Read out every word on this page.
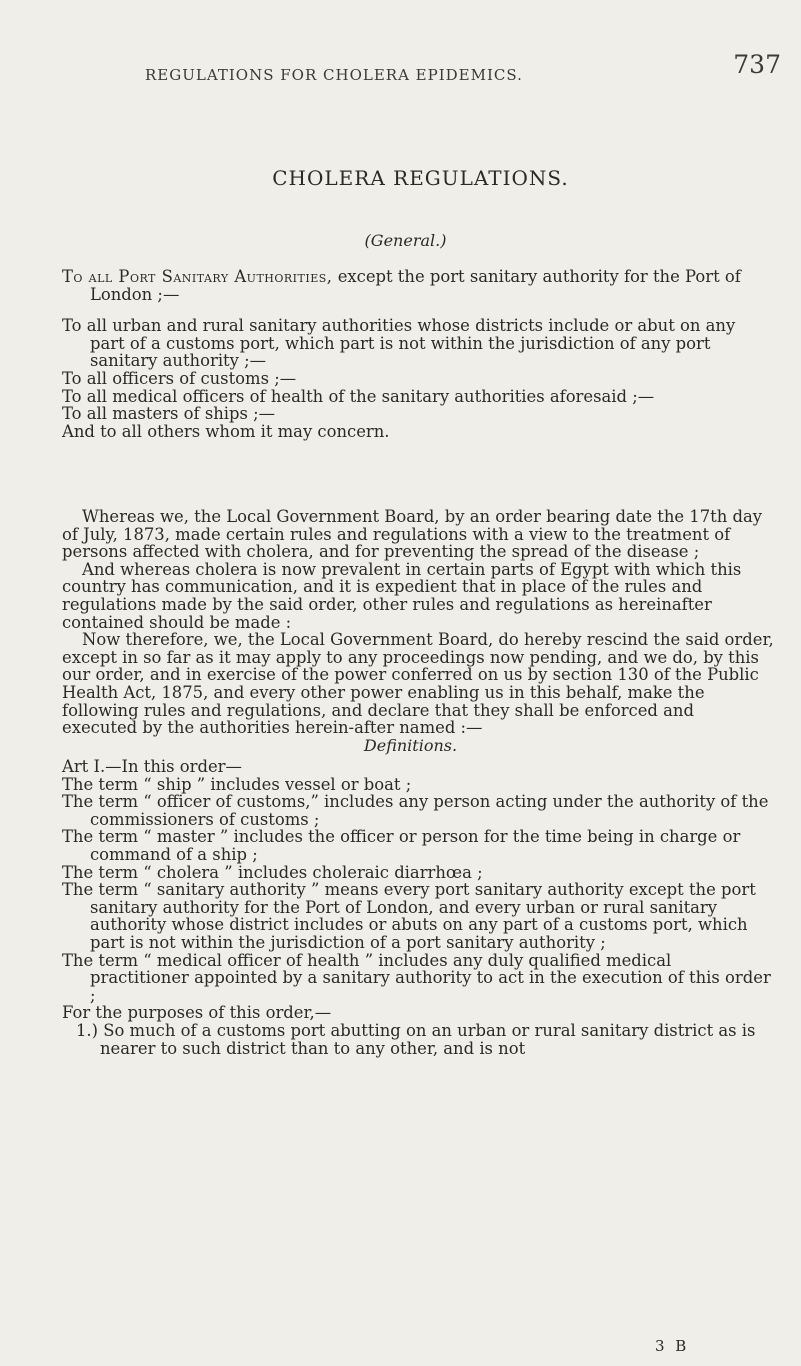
REGULATIONS FOR CHOLERA EPIDEMICS.	737
CHOLERA REGULATIONS.
(General.)

To all Port Sanitary Authorities, except the port sanitary authority for the Port of London ;—

To all urban and rural sanitary authorities whose districts include or abut on any part of a customs port, which part is not within the jurisdiction of any port sanitary authority ;—

To all officers of customs ;—

To all medical officers of health of the sanitary authorities aforesaid ;—

To all masters of ships ;—

And to all others whom it may concern.

Whereas we, the Local Government Board, by an order bearing date the 17th day of July, 1873, made certain rules and regulations with a view to the treatment of persons affected with cholera, and for preventing the spread of the disease ;

And whereas cholera is now prevalent in certain parts of Egypt with which this country has communication, and it is expedient that in place of the rules and regulations made by the said order, other rules and regulations as hereinafter contained should be made :

Now therefore, we, the Local Government Board, do hereby rescind the said order, except in so far as it may apply to any proceedings now pending, and we do, by this our order, and in exercise of the power conferred on us by section 130 of the Public Health Act, 1875, and every other power enabling us in this behalf, make the following rules and regulations, and declare that they shall be enforced and executed by the authorities herein-after named :—

Definitions.

Art I.—In this order—

The term “ ship ” includes vessel or boat ;

The term “ officer of customs,” includes any person acting under the authority of the commissioners of customs ;

The term “ master ” includes the officer or person for the time being in charge or command of a ship ;

The term “ cholera ” includes choleraic diarrhœa ;

The term “ sanitary authority ” means every port sanitary authority except the port sanitary authority for the Port of London, and every urban or rural sanitary authority whose district includes or abuts on any part of a customs port, which part is not within the jurisdiction of a port sanitary authority ;

The term “ medical officer of health ” includes any duly qualified medical practitioner appointed by a sanitary authority to act in the execution of this order ;

For the purposes of this order,—

1.) So much of a customs port abutting on an urban or rural sanitary district as is nearer to such district than to any other, and is not

3 B
